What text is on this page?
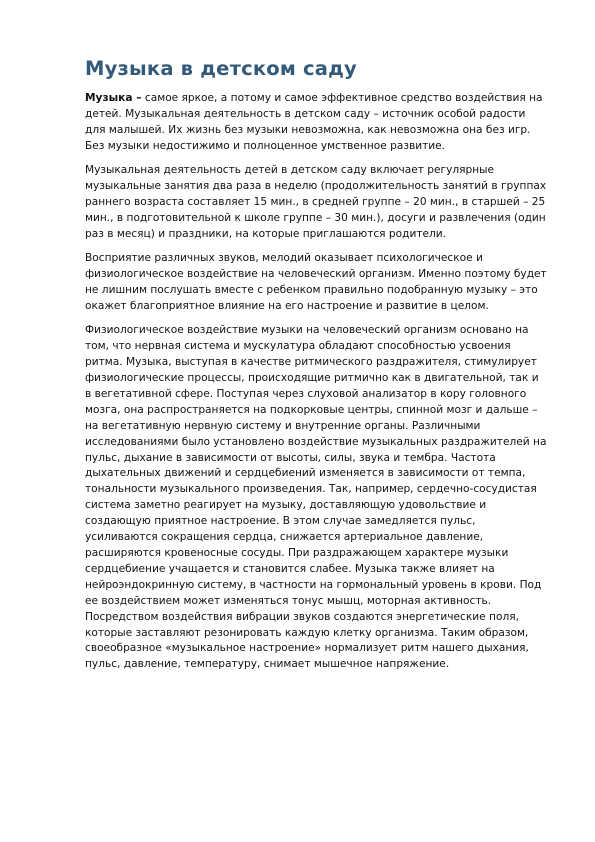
Музыка в детском саду

Музыка – самое яркое, а потому и самое эффективное средство воздействия на детей. Музыкальная деятельность в детском саду – источник особой радости для малышей. Их жизнь без музыки невозможна, как невозможна она без игр. Без музыки недостижимо и полноценное умственное развитие.

Музыкальная деятельность детей в детском саду включает регулярные музыкальные занятия два раза в неделю (продолжительность занятий в группах раннего возраста составляет 15 мин., в средней группе – 20 мин., в старшей – 25 мин., в подготовительной к школе группе – 30 мин.), досуги и развлечения (один раз в месяц) и праздники, на которые приглашаются родители.

Восприятие различных звуков, мелодий оказывает психологическое и физиологическое воздействие на человеческий организм. Именно поэтому будет не лишним послушать вместе с ребенком правильно подобранную музыку – это окажет благоприятное влияние на его настроение и развитие в целом.

Физиологическое воздействие музыки на человеческий организм основано на том, что нервная система и мускулатура обладают способностью усвоения ритма. Музыка, выступая в качестве ритмического раздражителя, стимулирует физиологические процессы, происходящие ритмично как в двигательной, так и в вегетативной сфере. Поступая через слуховой анализатор в кору головного мозга, она распространяется на подкорковые центры, спинной мозг и дальше – на вегетативную нервную систему и внутренние органы. Различными исследованиями было установлено воздействие музыкальных раздражителей на пульс, дыхание в зависимости от высоты, силы, звука и тембра. Частота дыхательных движений и сердцебиений изменяется в зависимости от темпа, тональности музыкального произведения. Так, например, сердечно-сосудистая система заметно реагирует на музыку, доставляющую удовольствие и создающую приятное настроение. В этом случае замедляется пульс, усиливаются сокращения сердца, снижается артериальное давление, расширяются кровеносные сосуды. При раздражающем характере музыки сердцебиение учащается и становится слабее. Музыка также влияет на нейроэндокринную систему, в частности на гормональный уровень в крови. Под ее воздействием может изменяться тонус мышц, моторная активность. Посредством воздействия вибрации звуков создаются энергетические поля, которые заставляют резонировать каждую клетку организма. Таким образом, своеобразное «музыкальное настроение» нормализует ритм нашего дыхания, пульс, давление, температуру, снимает мышечное напряжение.
